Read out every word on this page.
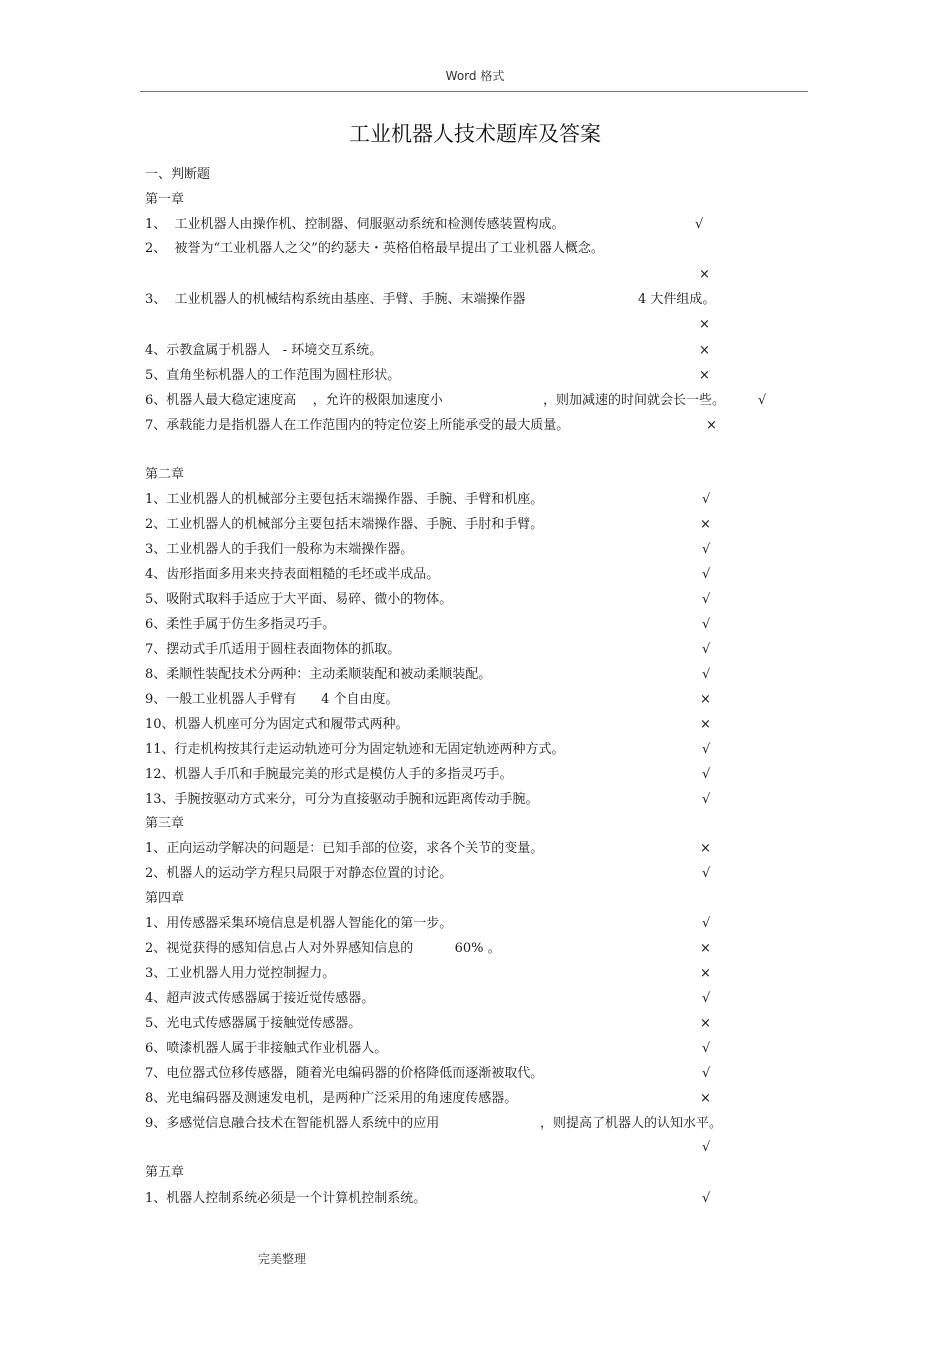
Word 格式
工业机器人技术题库及答案

一、判断题

第一章
1、  工业机器人由操作机、控制器、伺服驱动系统和检测传感装置构成。	√
2、  被誉为“工业机器人之父”的约瑟夫・英格伯格最早提出了工业机器人概念。
×
3、  工业机器人的机械结构系统由基座、手臂、手腕、末端操作器	4 大件组成。
×
4、示教盒属于机器人   - 环境交互系统。	×
5、直角坐标机器人的工作范围为圆柱形状。	×
6、机器人最大稳定速度高    ，允许的极限加速度小	，则加减速的时间就会长一些。	√
7、承载能力是指机器人在工作范围内的特定位姿上所能承受的最大质量。	×
第二章
1、工业机器人的机械部分主要包括末端操作器、手腕、手臂和机座。	√
2、工业机器人的机械部分主要包括末端操作器、手腕、手肘和手臂。	×
3、工业机器人的手我们一般称为末端操作器。	√
4、齿形指面多用来夹持表面粗糙的毛坯或半成品。	√
5、吸附式取料手适应于大平面、易碎、微小的物体。	√
6、柔性手属于仿生多指灵巧手。	√
7、摆动式手爪适用于圆柱表面物体的抓取。	√
8、柔顺性装配技术分两种：主动柔顺装配和被动柔顺装配。	√
9、一般工业机器人手臂有      4 个自由度。	×
10、机器人机座可分为固定式和履带式两种。	×
11、行走机构按其行走运动轨迹可分为固定轨迹和无固定轨迹两种方式。	√
12、机器人手爪和手腕最完美的形式是模仿人手的多指灵巧手。	√
13、手腕按驱动方式来分，可分为直接驱动手腕和远距离传动手腕。	√
第三章
1、正向运动学解决的问题是：已知手部的位姿，求各个关节的变量。	×
2、机器人的运动学方程只局限于对静态位置的讨论。	√
第四章
1、用传感器采集环境信息是机器人智能化的第一步。	√
2、视觉获得的感知信息占人对外界感知信息的          60% 。	×
3、工业机器人用力觉控制握力。	×
4、超声波式传感器属于接近觉传感器。	√
5、光电式传感器属于接触觉传感器。	×
6、喷漆机器人属于非接触式作业机器人。	√
7、电位器式位移传感器，随着光电编码器的价格降低而逐渐被取代。	√
8、光电编码器及测速发电机，是两种广泛采用的角速度传感器。	×
9、多感觉信息融合技术在智能机器人系统中的应用	，则提高了机器人的认知水平。
√
第五章
1、机器人控制系统必须是一个计算机控制系统。	√
完美整理
